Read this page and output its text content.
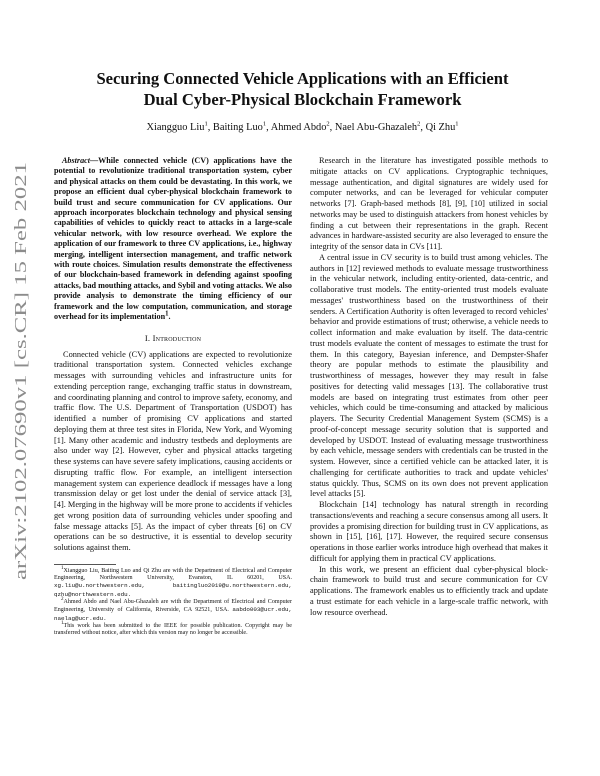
arXiv:2102.07690v1 [cs.CR] 15 Feb 2021
Securing Connected Vehicle Applications with an Efficient
Dual Cyber-Physical Blockchain Framework
Xiangguo Liu$^1$, Baiting Luo$^1$, Ahmed Abdo$^2$, Nael Abu-Ghazaleh$^2$, Qi Zhu$^1$

Abstract—While connected vehicle (CV) applications have the potential to revolutionize traditional transportation system, cyber and physical attacks on them could be devastating. In this work, we propose an efficient dual cyber-physical blockchain framework to build trust and secure communication for CV applications. Our approach incorporates blockchain technology and physical sensing capabilities of vehicles to quickly react to attacks in a large-scale vehicular network, with low resource overhead. We explore the application of our framework to three CV applications, i.e., highway merging, intelligent intersection management, and traffic network with route choices. Simulation results demonstrate the effectiveness of our blockchain-based framework in defending against spoofing attacks, bad mouthing attacks, and Sybil and voting attacks. We also provide analysis to demonstrate the timing efficiency of our framework and the low computation, communication, and storage overhead for its implementation$^1$.

I. Introduction

Connected vehicle (CV) applications are expected to revolutionize traditional transportation system. Connected vehicles exchange messages with surrounding vehicles and infrastructure units for extending perception range, exchanging traffic status in downstream, and coordinating planning and control to improve safety, economy, and traffic flow. The U.S. Department of Transportation (USDOT) has identified a number of promising CV applications and started deploying them at three test sites in Florida, New York, and Wyoming [1]. Many other academic and industry testbeds and deployments are also under way [2]. However, cyber and physical attacks targeting these systems can have severe safety implications, causing accidents or disrupting traffic flow. For example, an intelligent intersection management system can experience deadlock if messages have a long transmission delay or get lost under the denial of service attack [3], [4]. Merging in the highway will be more prone to accidents if vehicles get wrong position data of surrounding vehicles under spoofing and false message attacks [5]. As the impact of cyber threats [6] on CV operations can be so destructive, it is essential to develop security solutions against them.

$^1$Xiangguo Liu, Baiting Luo and Qi Zhu are with the Department of Electrical and Computer Engineering, Northwestern University, Evanston, IL 60201, USA. xg.liu@u.northwestern.edu, baitingluo2019@u.northwestern.edu, qzhu@northwestern.edu.

$^2$Ahmed Abdo and Nael Abu-Ghazaleh are with the Department of Electrical and Computer Engineering, University of California, Riverside, CA 92521, USA. aabdo003@ucr.edu, naelag@ucr.edu.

$^1$This work has been submitted to the IEEE for possible publication. Copyright may be transferred without notice, after which this version may no longer be accessible.

Research in the literature has investigated possible methods to mitigate attacks on CV applications. Cryptographic techniques, message authentication, and digital signatures are widely used for computer networks, and can be leveraged for vehicular computer networks [7]. Graph-based methods [8], [9], [10] utilized in social networks may be used to distinguish attackers from honest vehicles by finding a cut between their representations in the graph. Recent advances in hardware-assisted security are also leveraged to ensure the integrity of the sensor data in CVs [11].

A central issue in CV security is to build trust among vehicles. The authors in [12] reviewed methods to evaluate message trustworthiness in the vehicular network, including entity-oriented, data-centric, and collaborative trust models. The entity-oriented trust models evaluate messages' trustworthiness based on the trustworthiness of their senders. A Certification Authority is often leveraged to record vehicles' behavior and provide estimations of trust; otherwise, a vehicle needs to collect information and make evaluation by itself. The data-centric trust models evaluate the content of messages to estimate the trust for them. In this category, Bayesian inference, and Dempster-Shafer theory are popular methods to estimate the plausibility and trustworthiness of messages, however they may result in false positives for detecting valid messages [13]. The collaborative trust models are based on integrating trust estimates from other peer vehicles, which could be time-consuming and attacked by malicious players. The Security Credential Management System (SCMS) is a proof-of-concept message security solution that is supported and developed by USDOT. Instead of evaluating message trustworthiness by each vehicle, message senders with credentials can be trusted in the system. However, since a certified vehicle can be attacked later, it is challenging for certificate authorities to track and update vehicles' status quickly. Thus, SCMS on its own does not prevent application level attacks [5].

Blockchain [14] technology has natural strength in recording transactions/events and reaching a secure consensus among all users. It provides a promising direction for building trust in CV applications, as shown in [15], [16], [17]. However, the required secure consensus operations in those earlier works introduce high overhead that makes it difficult for applying them in practical CV applications.

In this work, we present an efficient dual cyber-physical block-chain framework to build trust and secure communication for CV applications. The framework enables us to efficiently track and update a trust estimate for each vehicle in a large-scale traffic network, with low resource overhead.
